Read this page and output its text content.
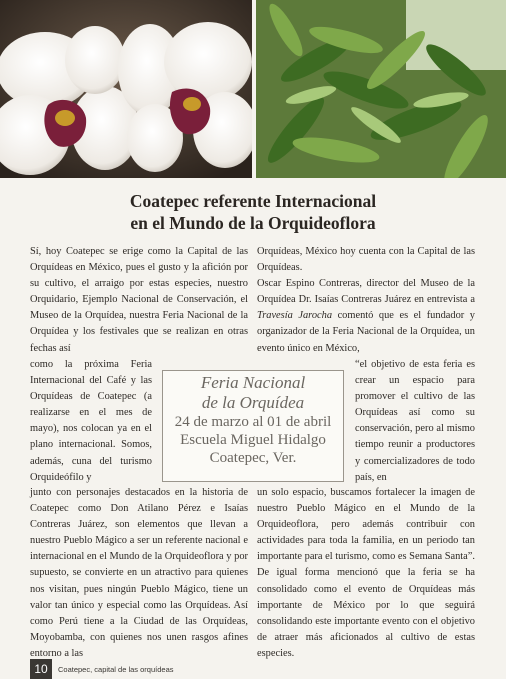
Coatepec referente Internacional
en el Mundo de la Orquideoflora
Sí, hoy Coatepec se erige como la Capital de las Orquídeas en México, pues el gusto y la afición por su cultivo, el arraigo por estas especies, nuestro Orquidario, Ejemplo Nacional de Conservación, el Museo de la Orquídea, nuestra Feria Nacional de la Orquídea y los festivales que se realizan en otras fechas así
Orquídeas, México hoy cuenta con la Capital de las Orquídeas.
Oscar Espino Contreras, director del Museo de la Orquídea Dr. Isaías Contreras Juárez en entrevista a Travesía Jarocha comentó que es el fundador y organizador de la Feria Nacional de la Orquídea, un evento único en México,
como la próxima Feria Internacional del Café y las Orquídeas de Coatepec (a realizarse en el mes de mayo), nos colocan ya en el plano internacional. Somos, además, cuna del turismo Orquideófilo y
“el objetivo de esta feria es crear un espacio para promover el cultivo de las Orquídeas así como su conservación, pero al mismo tiempo reunir a productores y comercializadores de todo país, en
Feria Nacional
de la Orquídea
24 de marzo al 01 de abril
Escuela Miguel Hidalgo
Coatepec, Ver.
junto con personajes destacados en la historia de Coatepec como Don Atilano Pérez e Isaías Contreras Juárez, son elementos que llevan a nuestro Pueblo Mágico a ser un referente nacional e internacional en el Mundo de la Orquideoflora y por supuesto, se convierte en un atractivo para quienes nos visitan, pues ningún Pueblo Mágico, tiene un valor tan único y especial como las Orquídeas. Así como Perú tiene a la Ciudad de las Orquídeas, Moyobamba, con quienes nos unen rasgos afines entorno a las
un solo espacio, buscamos fortalecer la imagen de nuestro Pueblo Mágico en el Mundo de la Orquideoflora, pero además contribuir con actividades para toda la familia, en un periodo tan importante para el turismo, como es Semana Santa”. De igual forma mencionó que la feria se ha consolidado como el evento de Orquídeas más importante de México por lo que seguirá consolidando este importante evento con el objetivo de atraer más aficionados al cultivo de estas especies.
10	Coatepec, capital de las orquídeas
